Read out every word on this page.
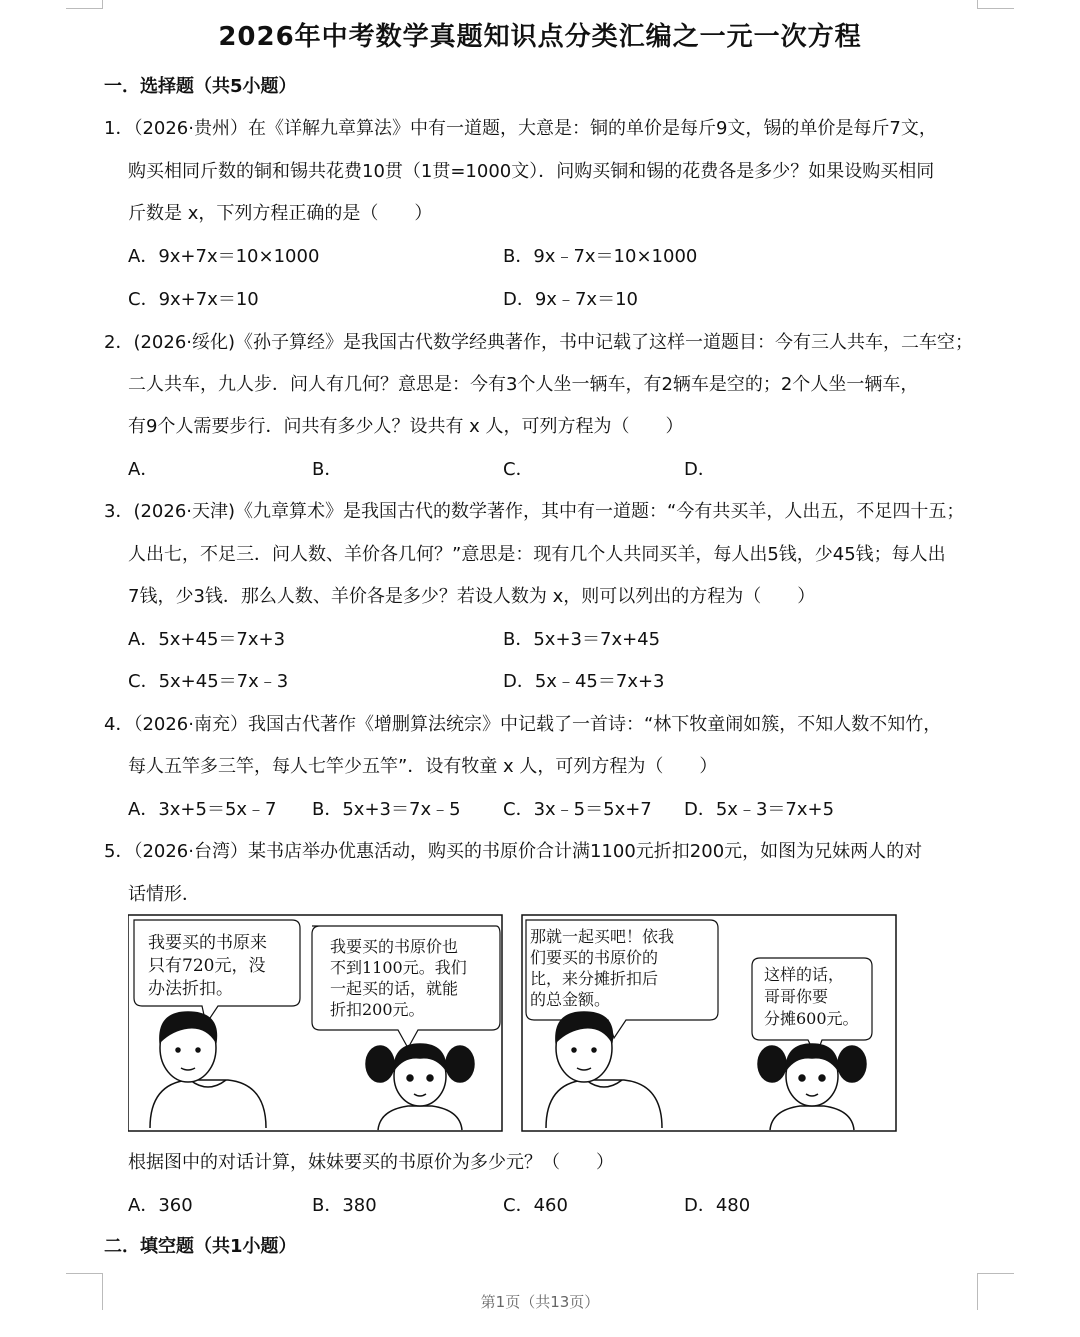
2026年中考数学真题知识点分类汇编之一元一次方程
一．选择题（共5小题）
1．（2026·贵州）在《详解九章算法》中有一道题，大意是：铜的单价是每斤9文，锡的单价是每斤7文，
购买相同斤数的铜和锡共花费10贯（1贯=1000文）．问购买铜和锡的花费各是多少？如果设购买相同
斤数是 x，下列方程正确的是（　　）
A．9x+7x＝10×1000	B．9x﹣7x＝10×1000
C．9x+7x＝10	D．9x﹣7x＝10
2．(2026·绥化)《孙子算经》是我国古代数学经典著作，书中记载了这样一道题目：今有三人共车，二车空；
二人共车，九人步．问人有几何？意思是：今有3个人坐一辆车，有2辆车是空的；2个人坐一辆车，
有9个人需要步行．问共有多少人？设共有 x 人，可列方程为（　　）
A．	B．	C．	D．
3．(2026·天津)《九章算术》是我国古代的数学著作，其中有一道题：“今有共买羊，人出五，不足四十五；
人出七，不足三．问人数、羊价各几何？”意思是：现有几个人共同买羊，每人出5钱，少45钱；每人出
7钱，少3钱．那么人数、羊价各是多少？若设人数为 x，则可以列出的方程为（　　）
A．5x+45＝7x+3	B．5x+3＝7x+45
C．5x+45＝7x﹣3	D．5x﹣45＝7x+3
4．（2026·南充）我国古代著作《增删算法统宗》中记载了一首诗：“林下牧童闹如簇，不知人数不知竹，
每人五竿多三竿，每人七竿少五竿”．设有牧童 x 人，可列方程为（　　）
A．3x+5＝5x﹣7 B．5x+3＝7x﹣5 C．3x﹣5＝5x+7 D．5x﹣3＝7x+5
5．（2026·台湾）某书店举办优惠活动，购买的书原价合计满1100元折扣200元，如图为兄妹两人的对
话情形．
我要买的书原来
只有720元，没
办法折扣。
我要买的书原价也
不到1100元。我们
一起买的话，就能
折扣200元。
那就一起买吧！依我
们要买的书原价的
比，来分摊折扣后
的总金额。
这样的话，
哥哥你要
分摊600元。
根据图中的对话计算，妹妹要买的书原价为多少元？（　　）
A．360	B．380	C．460	D．480
二．填空题（共1小题）
第1页（共13页）
